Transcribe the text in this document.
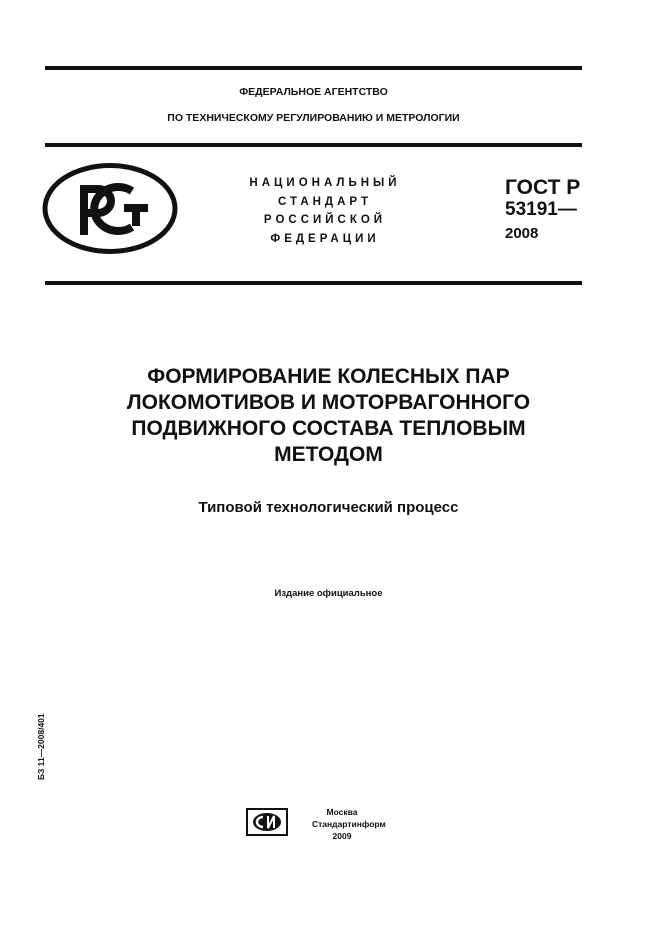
ФЕДЕРАЛЬНОЕ АГЕНТСТВО
ПО ТЕХНИЧЕСКОМУ РЕГУЛИРОВАНИЮ И МЕТРОЛОГИИ
НАЦИОНАЛЬНЫЙ
СТАНДАРТ
РОССИЙСКОЙ
ФЕДЕРАЦИИ
ГОСТ Р
53191—
2008
ФОРМИРОВАНИЕ КОЛЕСНЫХ ПАР
ЛОКОМОТИВОВ И МОТОРВАГОННОГО
ПОДВИЖНОГО СОСТАВА ТЕПЛОВЫМ
МЕТОДОМ
Типовой технологический процесс
Издание официальное
БЗ 11—2008/401
Москва
Стандартинформ
2009
